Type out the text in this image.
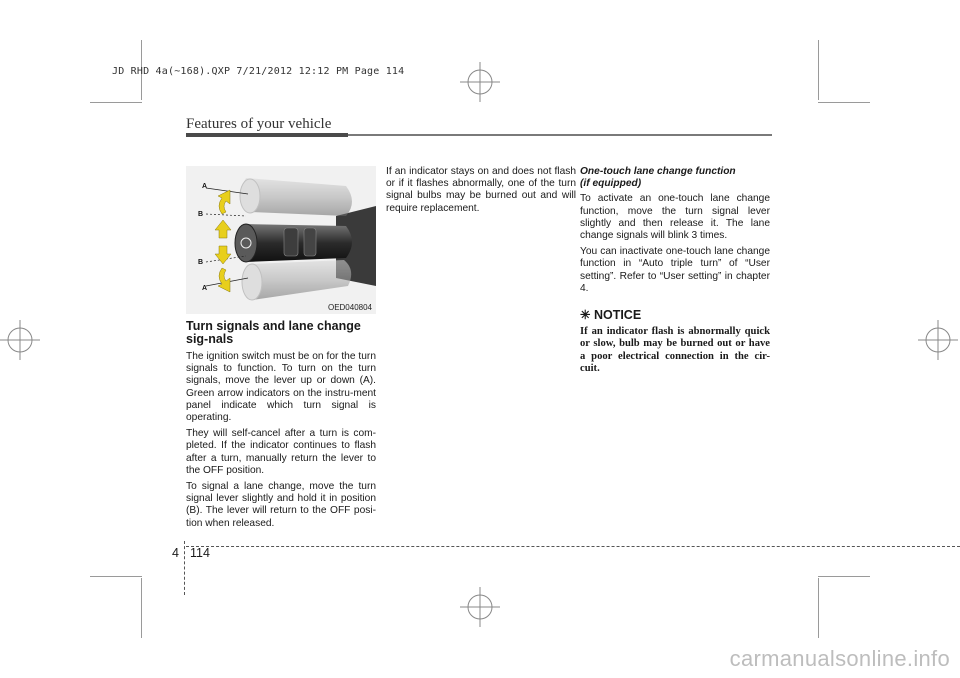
JD RHD 4a(~168).QXP 7/21/2012 12:12 PM Page 114
Features of your vehicle
A
B
B
A
OED040804
Turn signals and lane change sig-nals

The ignition switch must be on for the turn signals to function. To turn on the turn signals, move the lever up or down (A). Green arrow indicators on the instru-ment panel indicate which turn signal is operating.

They will self-cancel after a turn is com-pleted. If the indicator continues to flash after a turn, manually return the lever to the OFF position.

To signal a lane change, move the turn signal lever slightly and hold it in position (B). The lever will return to the OFF posi-tion when released.

If an indicator stays on and does not flash or if it flashes abnormally, one of the turn signal bulbs may be burned out and will require replacement.

One-touch lane change function
(if equipped)

To activate an one-touch lane change function, move the turn signal lever slightly and then release it. The lane change signals will blink 3 times.

You can inactivate one-touch lane change function in “Auto triple turn” of “User setting”. Refer to “User setting” in chapter 4.

✳ NOTICE

If an indicator flash is abnormally quick or slow, bulb may be burned out or have a poor electrical connection in the cir-cuit.

4 114
carmanualsonline.info
